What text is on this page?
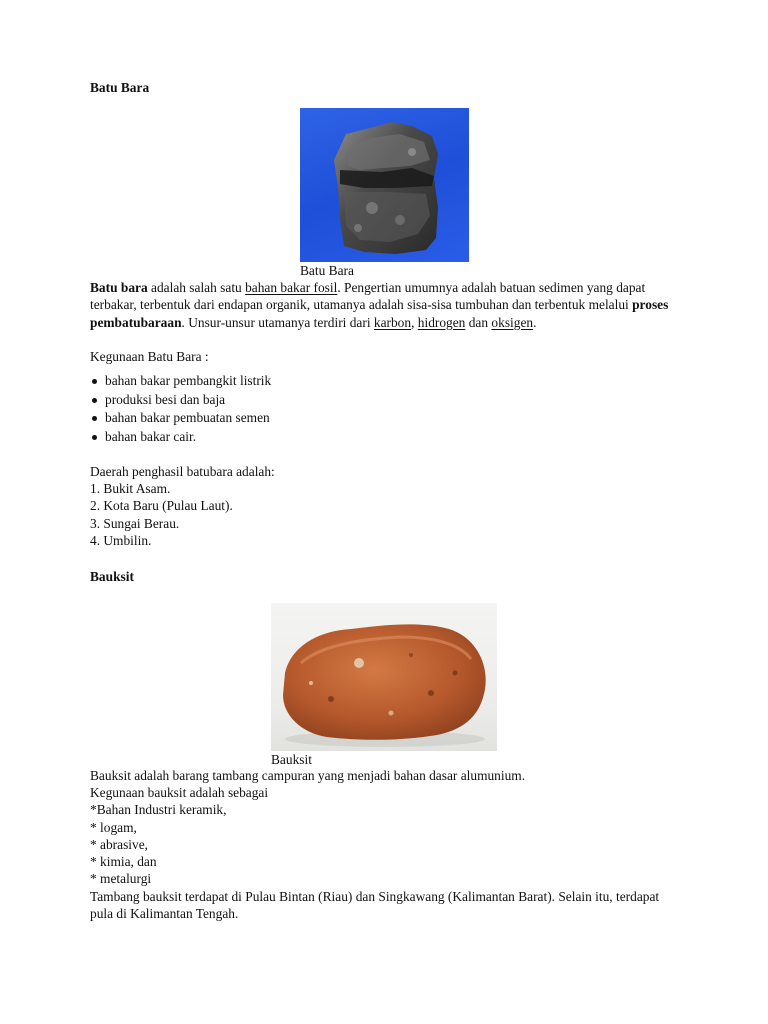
Batu Bara
Batu Bara

Batu bara adalah salah satu bahan bakar fosil. Pengertian umumnya adalah batuan sedimen yang dapat terbakar, terbentuk dari endapan organik, utamanya adalah sisa-sisa tumbuhan dan terbentuk melalui proses pembatubaraan. Unsur-unsur utamanya terdiri dari karbon, hidrogen dan oksigen.

Kegunaan Batu Bara :
bahan bakar pembangkit listrik
produksi besi dan baja
bahan bakar pembuatan semen
bahan bakar cair.
Daerah penghasil batubara adalah:
1. Bukit Asam.
2. Kota Baru (Pulau Laut).
3. Sungai Berau.
4. Umbilin.
Bauksit
Bauksit
Bauksit adalah barang tambang campuran yang menjadi bahan dasar alumunium.
Kegunaan bauksit adalah sebagai
*Bahan Industri keramik,
* logam,
* abrasive,
* kimia, dan
* metalurgi

Tambang bauksit terdapat di Pulau Bintan (Riau) dan Singkawang (Kalimantan Barat). Selain itu, terdapat pula di Kalimantan Tengah.
